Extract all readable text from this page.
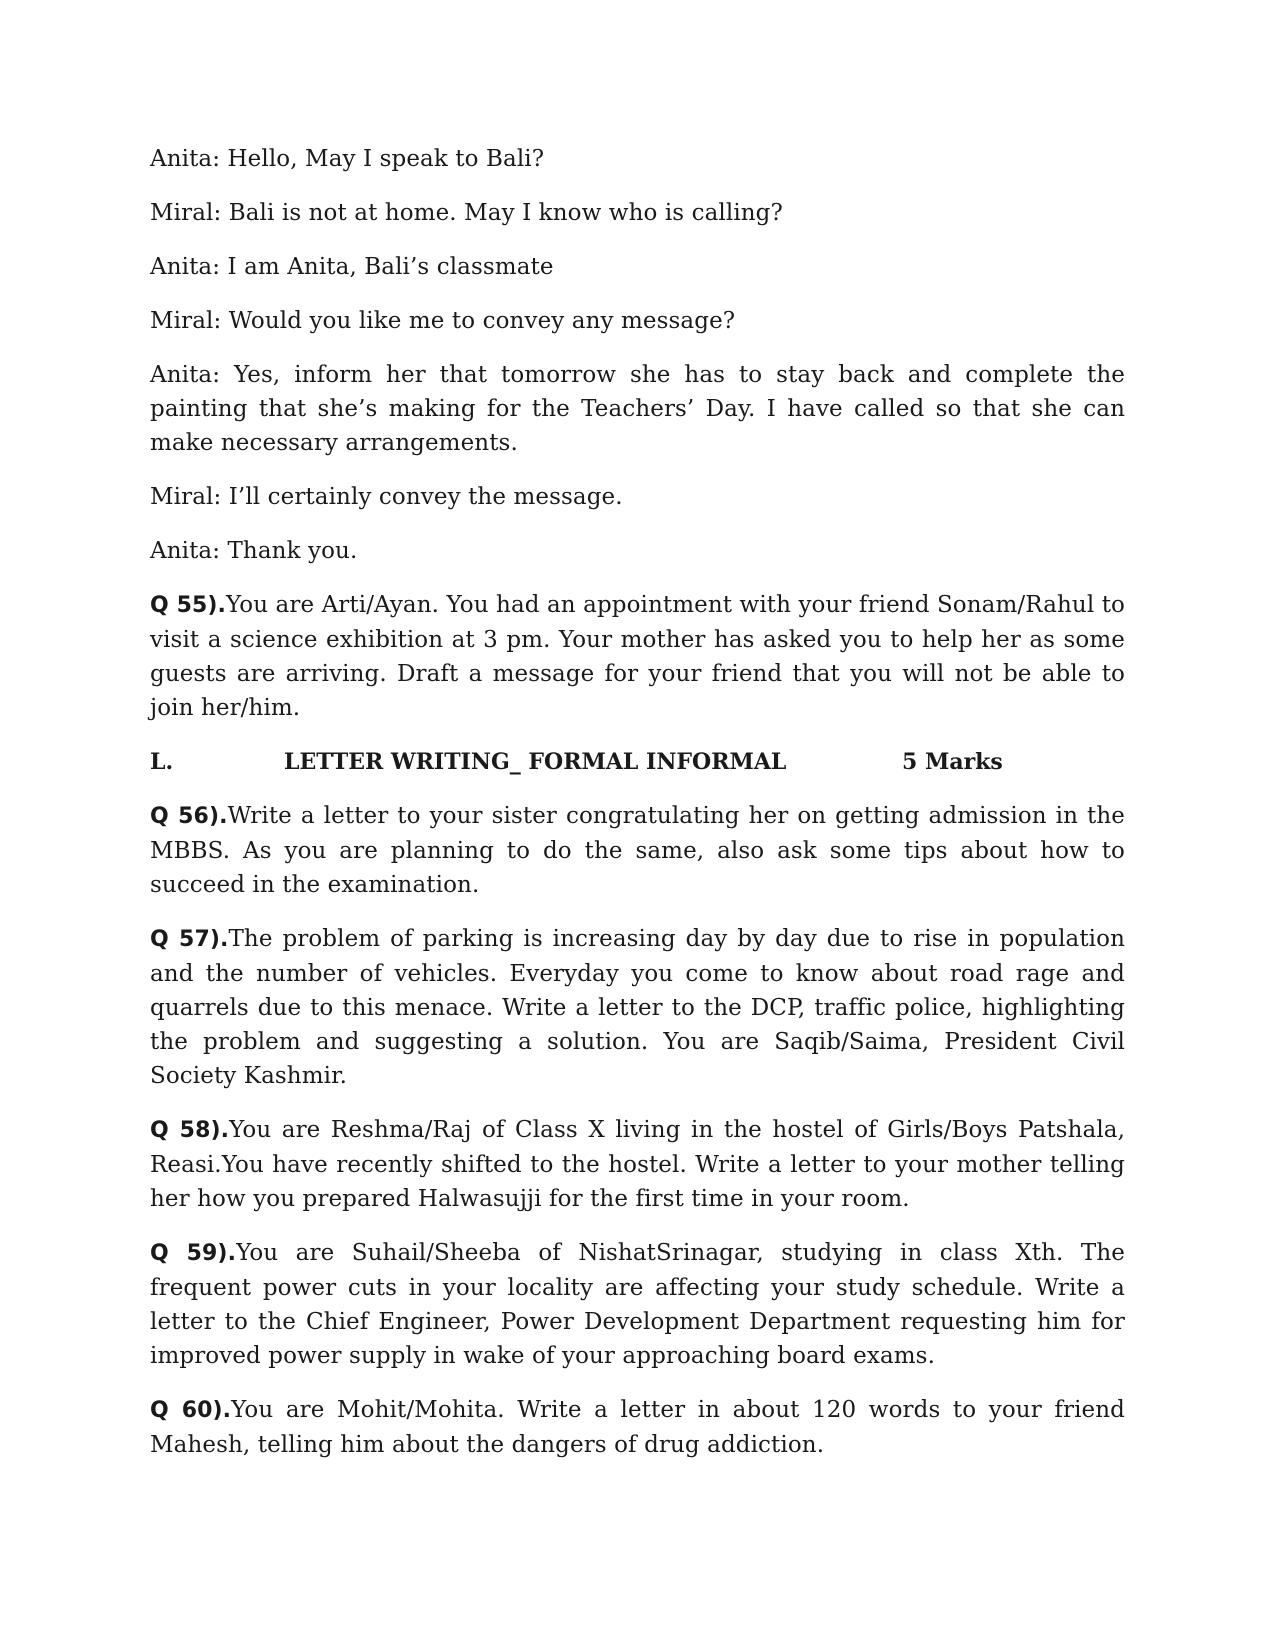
Anita: Hello, May I speak to Bali?

Miral: Bali is not at home. May I know who is calling?

Anita: I am Anita, Bali’s classmate

Miral: Would you like me to convey any message?

Anita: Yes, inform her that tomorrow she has to stay back and complete the painting that she’s making for the Teachers’ Day. I have called so that she can make necessary arrangements.

Miral: I’ll certainly convey the message.

Anita: Thank you.

Q 55).You are Arti/Ayan. You had an appointment with your friend Sonam/Rahul to visit a science exhibition at 3 pm. Your mother has asked you to help her as some guests are arriving. Draft a message for your friend that you will not be able to join her/him.

L.	LETTER WRITING_ FORMAL INFORMAL	5 Marks

Q 56).Write a letter to your sister congratulating her on getting admission in the MBBS. As you are planning to do the same, also ask some tips about how to succeed in the examination.

Q 57).The problem of parking is increasing day by day due to rise in population and the number of vehicles. Everyday you come to know about road rage and quarrels due to this menace. Write a letter to the DCP, traffic police, highlighting the problem and suggesting a solution. You are Saqib/Saima, President Civil Society Kashmir.

Q 58).You are Reshma/Raj of Class X living in the hostel of Girls/Boys Patshala, Reasi.You have recently shifted to the hostel. Write a letter to your mother telling her how you prepared Halwasujji for the first time in your room.

Q 59).You are Suhail/Sheeba of NishatSrinagar, studying in class Xth. The frequent power cuts in your locality are affecting your study schedule. Write a letter to the Chief Engineer, Power Development Department requesting him for improved power supply in wake of your approaching board exams.

Q 60).You are Mohit/Mohita. Write a letter in about 120 words to your friend Mahesh, telling him about the dangers of drug addiction.
